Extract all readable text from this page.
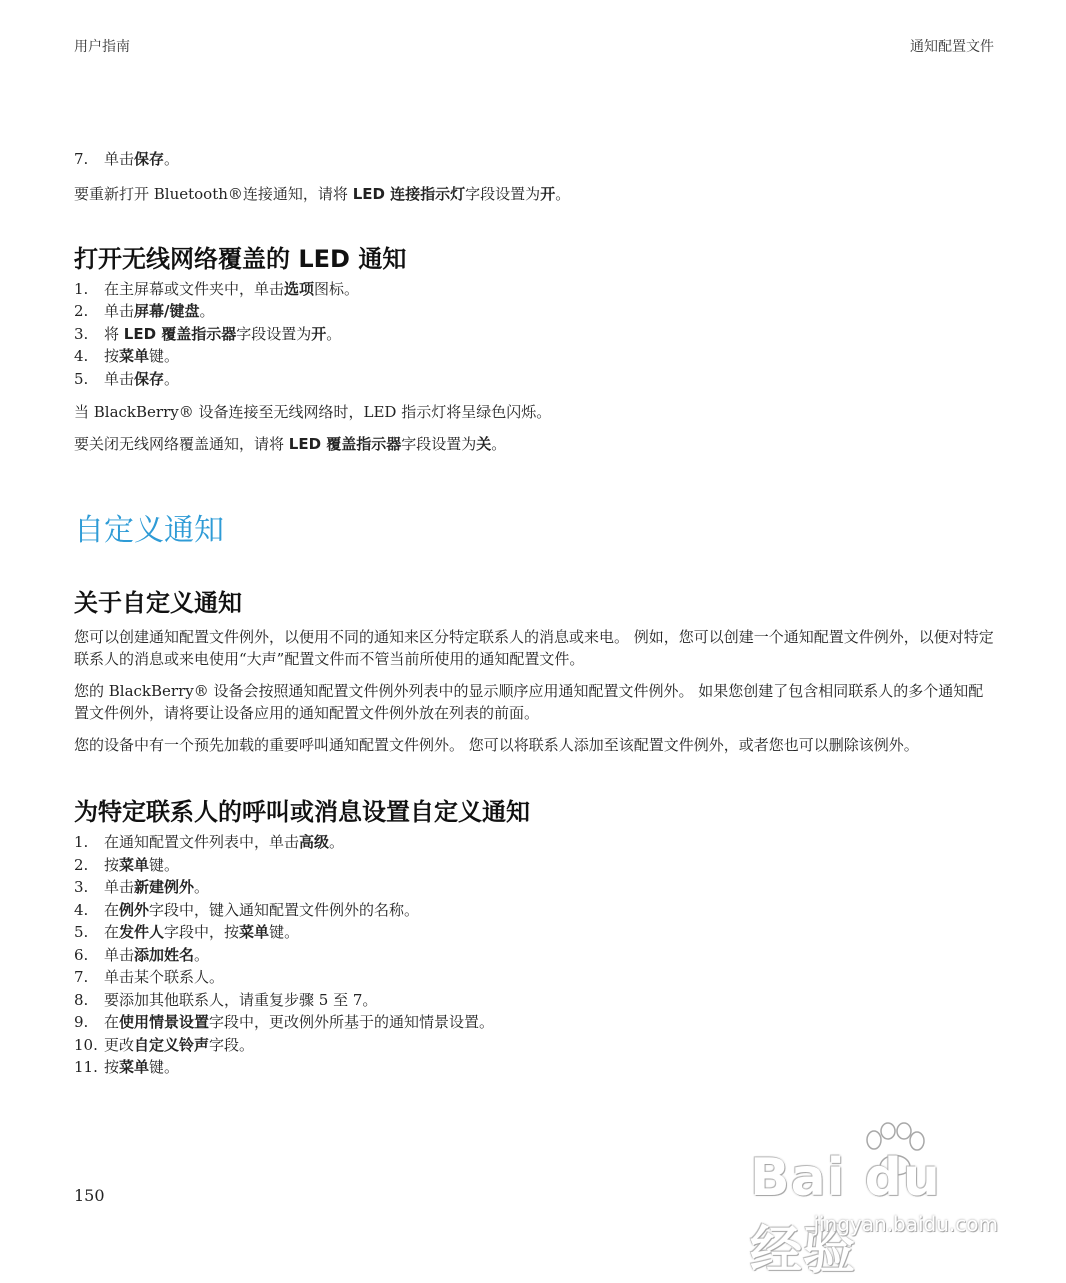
用户指南	通知配置文件
7.	单击保存。

要重新打开 Bluetooth®连接通知，请将 LED 连接指示灯字段设置为开。

打开无线网络覆盖的 LED 通知
1.	在主屏幕或文件夹中，单击选项图标。
2.	单击屏幕/键盘。
3.	将 LED 覆盖指示器字段设置为开。
4.	按菜单键。
5.	单击保存。

当 BlackBerry® 设备连接至无线网络时，LED 指示灯将呈绿色闪烁。

要关闭无线网络覆盖通知，请将 LED 覆盖指示器字段设置为关。

自定义通知
关于自定义通知

您可以创建通知配置文件例外，以便用不同的通知来区分特定联系人的消息或来电。 例如，您可以创建一个通知配置文件例外，以便对特定联系人的消息或来电使用“大声”配置文件而不管当前所使用的通知配置文件。

您的 BlackBerry® 设备会按照通知配置文件例外列表中的显示顺序应用通知配置文件例外。 如果您创建了包含相同联系人的多个通知配置文件例外，请将要让设备应用的通知配置文件例外放在列表的前面。

您的设备中有一个预先加载的重要呼叫通知配置文件例外。 您可以将联系人添加至该配置文件例外，或者您也可以删除该例外。

为特定联系人的呼叫或消息设置自定义通知
1.	在通知配置文件列表中，单击高级。
2.	按菜单键。
3.	单击新建例外。
4.	在例外字段中，键入通知配置文件例外的名称。
5.	在发件人字段中，按菜单键。
6.	单击添加姓名。
7.	单击某个联系人。
8.	要添加其他联系人，请重复步骤 5 至 7。
9.	在使用情景设置字段中，更改例外所基于的通知情景设置。
10. 更改自定义铃声字段。
11. 按菜单键。
150	Bai du 经验
jingyan.baidu.com
